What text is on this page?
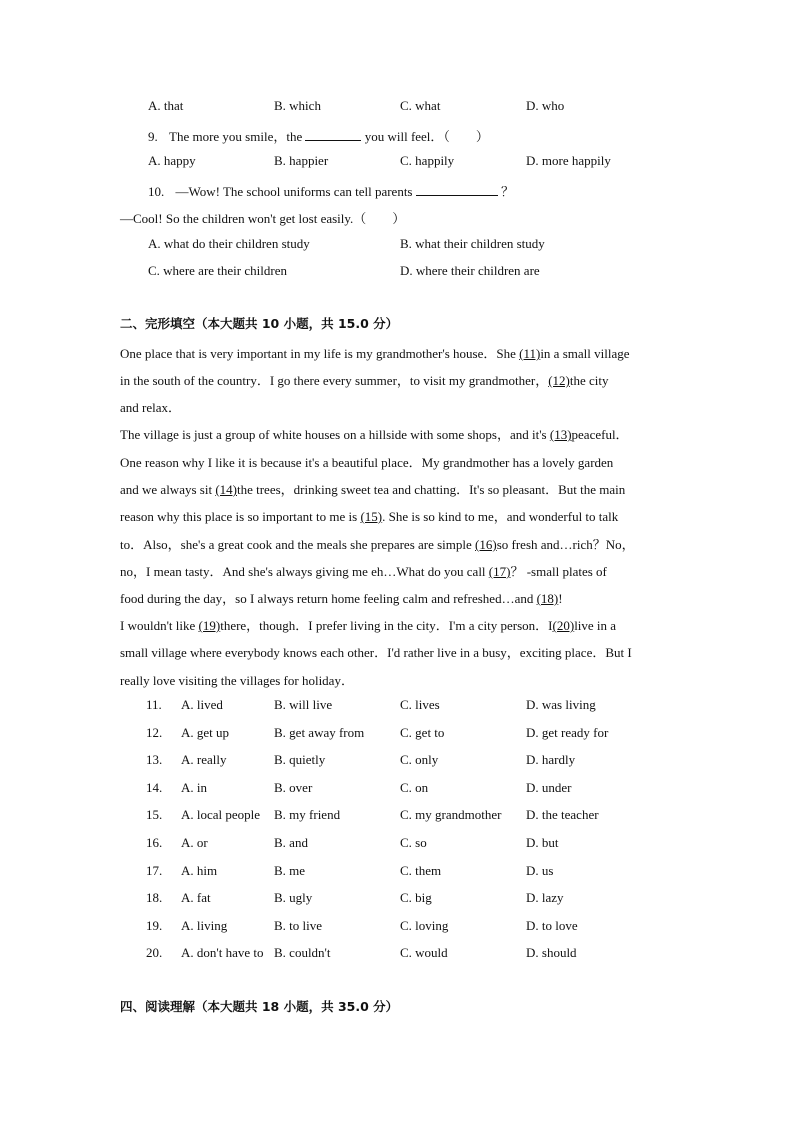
A. that	B. which	C. what	D. who
9. The more you smile，the	you will feel．（　　）
A. happy	B. happier	C. happily	D. more happily
10. —Wow! The school uniforms can tell parents	？
—Cool! So the children won't get lost easily.（　　）
A. what do their children study	B. what their children study
C. where are their children	D. where their children are
二、完形填空（本大题共 10 小题，共 15.0 分）
One place that is very important in my life is my grandmother's house．She (11)in a small village
in the south of the country．I go there every summer，to visit my grandmother，(12)the city
and relax．
The village is just a group of white houses on a hillside with some shops，and it's (13)peaceful．
One reason why I like it is because it's a beautiful place．My grandmother has a lovely garden
and we always sit (14)the trees，drinking sweet tea and chatting．It's so pleasant．But the main
reason why this place is so important to me is (15). She is so kind to me，and wonderful to talk
to．Also，she's a great cook and the meals she prepares are simple (16)so fresh and…rich？No，
no，I mean tasty．And she's always giving me eh…What do you call (17)？ -small plates of
food during the day，so I always return home feeling calm and refreshed…and (18)!
I wouldn't like (19)there，though．I prefer living in the city．I'm a city person．I(20)live in a
small village where everybody knows each other．I'd rather live in a busy，exciting place．But I
really love visiting the villages for holiday．
11. A. lived	B. will live	C. lives	D. was living
12. A. get up	B. get away from	C. get to	D. get ready for
13. A. really	B. quietly	C. only	D. hardly
14. A. in	B. over	C. on	D. under
15. A. local people B. my friend	C. my grandmother D. the teacher
16. A. or	B. and	C. so	D. but
17. A. him	B. me	C. them	D. us
18. A. fat	B. ugly	C. big	D. lazy
19. A. living	B. to live	C. loving	D. to love
20. A. don't have to B. couldn't	C. would	D. should
四、阅读理解（本大题共 18 小题，共 35.0 分）
